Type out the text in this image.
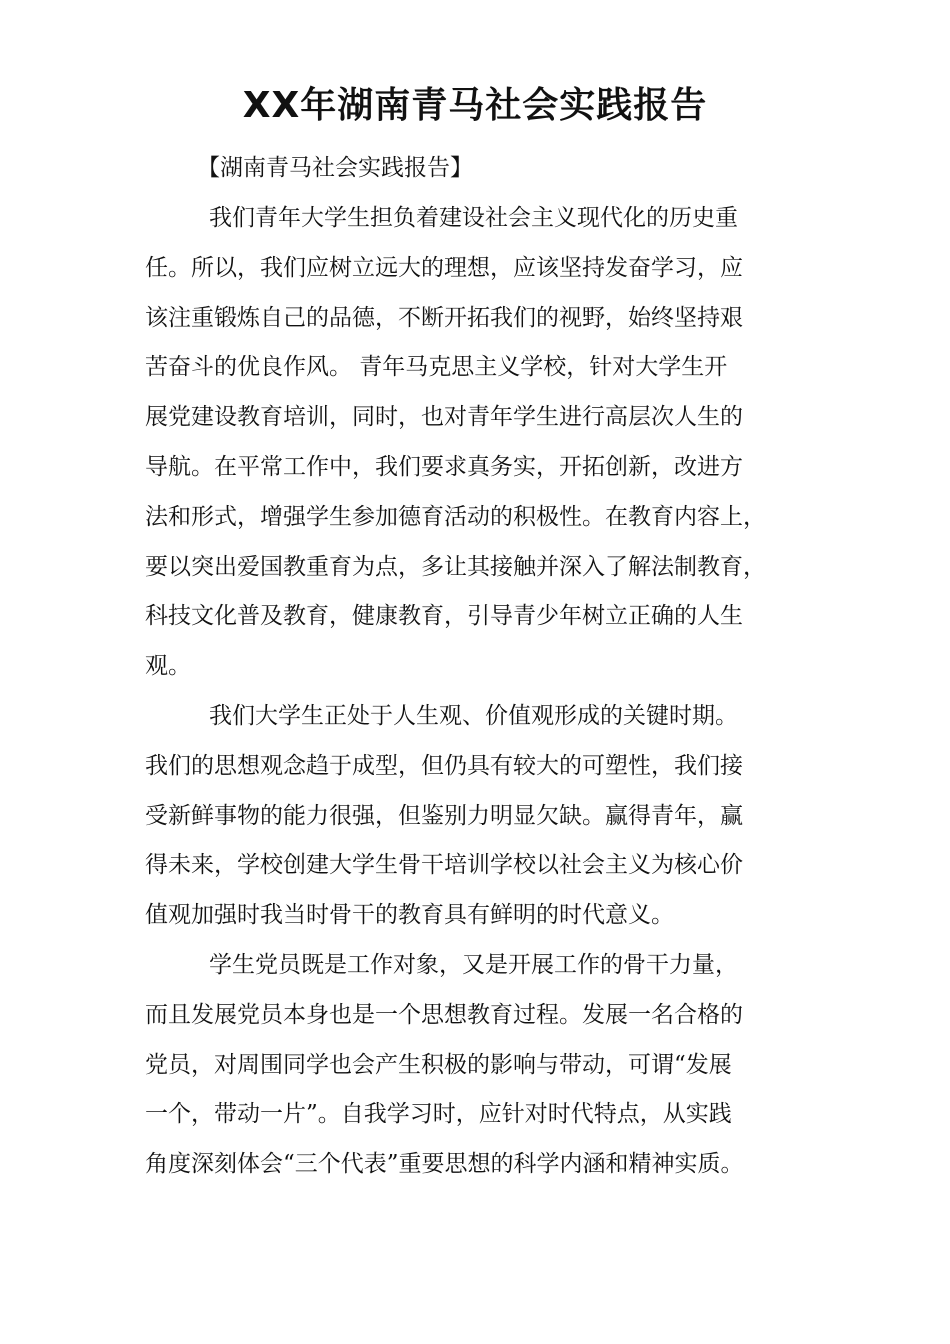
XX年湖南青马社会实践报告

【湖南青马社会实践报告】

我们青年大学生担负着建设社会主义现代化的历史重
任。所以，我们应树立远大的理想，应该坚持发奋学习，应
该注重锻炼自己的品德，不断开拓我们的视野，始终坚持艰
苦奋斗的优良作风。 青年马克思主义学校，针对大学生开
展党建设教育培训，同时，也对青年学生进行高层次人生的
导航。在平常工作中，我们要求真务实，开拓创新，改进方
法和形式，增强学生参加德育活动的积极性。在教育内容上，
要以突出爱国教重育为点，多让其接触并深入了解法制教育，
科技文化普及教育，健康教育，引导青少年树立正确的人生
观。
我们大学生正处于人生观、价值观形成的关键时期。
我们的思想观念趋于成型，但仍具有较大的可塑性，我们接
受新鲜事物的能力很强，但鉴别力明显欠缺。赢得青年，赢
得未来，学校创建大学生骨干培训学校以社会主义为核心价
值观加强时我当时骨干的教育具有鲜明的时代意义。
学生党员既是工作对象，又是开展工作的骨干力量，
而且发展党员本身也是一个思想教育过程。发展一名合格的
党员，对周围同学也会产生积极的影响与带动，可谓“发展
一个，带动一片”。自我学习时，应针对时代特点，从实践
角度深刻体会“三个代表”重要思想的科学内涵和精神实质。
